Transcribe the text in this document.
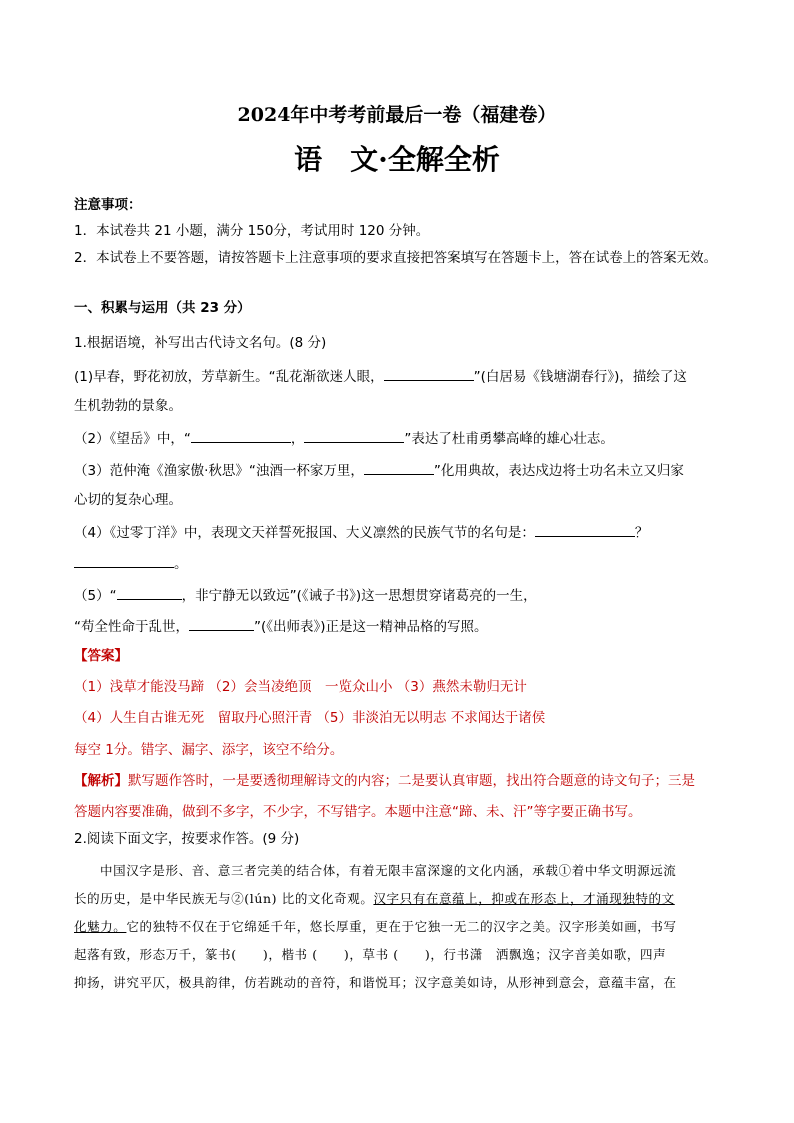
2024年中考考前最后一卷（福建卷）
语　文·全解全析
注意事项：
1．本试卷共 21 小题，满分 150分，考试用时 120 分钟。
2．本试卷上不要答题，请按答题卡上注意事项的要求直接把答案填写在答题卡上，答在试卷上的答案无效。
一、积累与运用（共 23 分）
1.根据语境，补写出古代诗文名句。(8 分)
(1)早春，野花初放，芳草新生。“乱花渐欲迷人眼，	”(白居易《钱塘湖春行》)，描绘了这
生机勃勃的景象。
（2）《望岳》中，“	，	”表达了杜甫勇攀高峰的雄心壮志。
（3）范仲淹《渔家傲·秋思》“浊酒一杯家万里，	”化用典故，表达戍边将士功名未立又归家
心切的复杂心理。
（4）《过零丁洋》中，表现文天祥誓死报国、大义凛然的民族气节的名句是：	？
。
（5）“	，非宁静无以致远”(《诫子书》)这一思想贯穿诸葛亮的一生，
“苟全性命于乱世，	”(《出师表》)正是这一精神品格的写照。
【答案】
（1）浅草才能没马蹄 （2）会当凌绝顶　一览众山小 （3）燕然未勒归无计
（4）人生自古谁无死　留取丹心照汗青 （5）非淡泊无以明志 不求闻达于诸侯
每空 1分。错字、漏字、添字，该空不给分。
【解析】默写题作答时，一是要透彻理解诗文的内容；二是要认真审题，找出符合题意的诗文句子；三是
答题内容要准确，做到不多字，不少字，不写错字。本题中注意“蹄、未、汗”等字要正确书写。
2.阅读下面文字，按要求作答。(9 分)
中国汉字是形、音、意三者完美的结合体，有着无限丰富深邃的文化内涵，承载①着中华文明源远流
长的历史，是中华民族无与②(lún) 比的文化奇观。汉字只有在意蕴上，抑或在形态上，才涌现独特的文
化魅力。它的独特不仅在于它绵延千年，悠长厚重，更在于它独一无二的汉字之美。汉字形美如画，书写
起落有致，形态万千，篆书(　　)，楷书 (　　)，草书 (　　)，行书潇　洒飘逸；汉字音美如歌，四声
抑扬，讲究平仄，极具韵律，仿若跳动的音符，和谐悦耳；汉字意美如诗，从形神到意会，意蕴丰富，在
